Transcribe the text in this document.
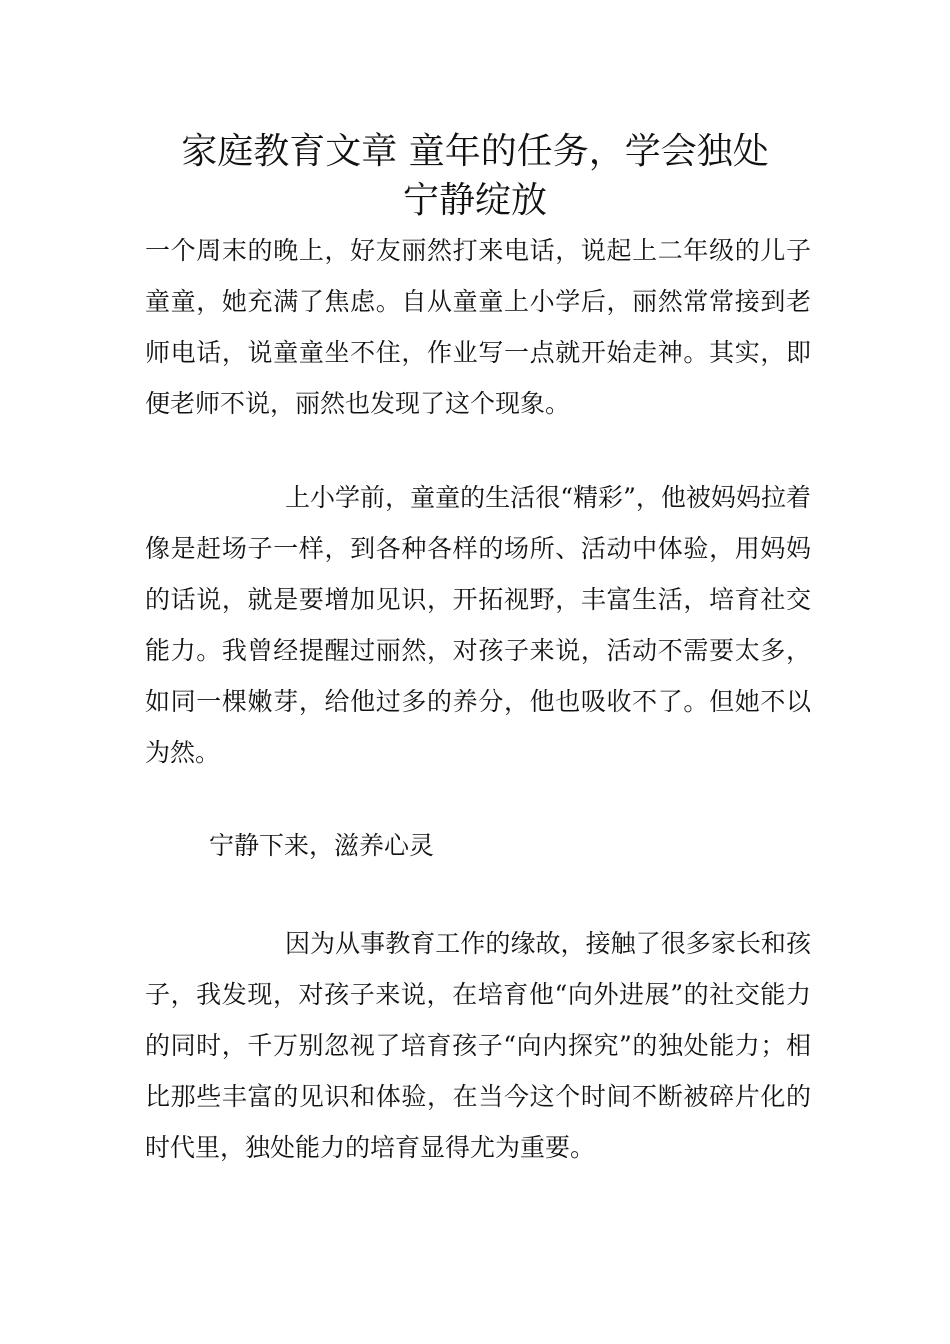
家庭教育文章 童年的任务，学会独处
宁静绽放

一个周末的晚上，好友丽然打来电话，说起上二年级的儿子童童，她充满了焦虑。自从童童上小学后，丽然常常接到老师电话，说童童坐不住，作业写一点就开始走神。其实，即便老师不说，丽然也发现了这个现象。

上小学前，童童的生活很“精彩”，他被妈妈拉着像是赶场子一样，到各种各样的场所、活动中体验，用妈妈的话说，就是要增加见识，开拓视野，丰富生活，培育社交能力。我曾经提醒过丽然，对孩子来说，活动不需要太多，如同一棵嫩芽，给他过多的养分，他也吸收不了。但她不以为然。

宁静下来，滋养心灵

因为从事教育工作的缘故，接触了很多家长和孩子，我发现，对孩子来说，在培育他“向外进展”的社交能力的同时，千万别忽视了培育孩子“向内探究”的独处能力；相比那些丰富的见识和体验，在当今这个时间不断被碎片化的时代里，独处能力的培育显得尤为重要。
